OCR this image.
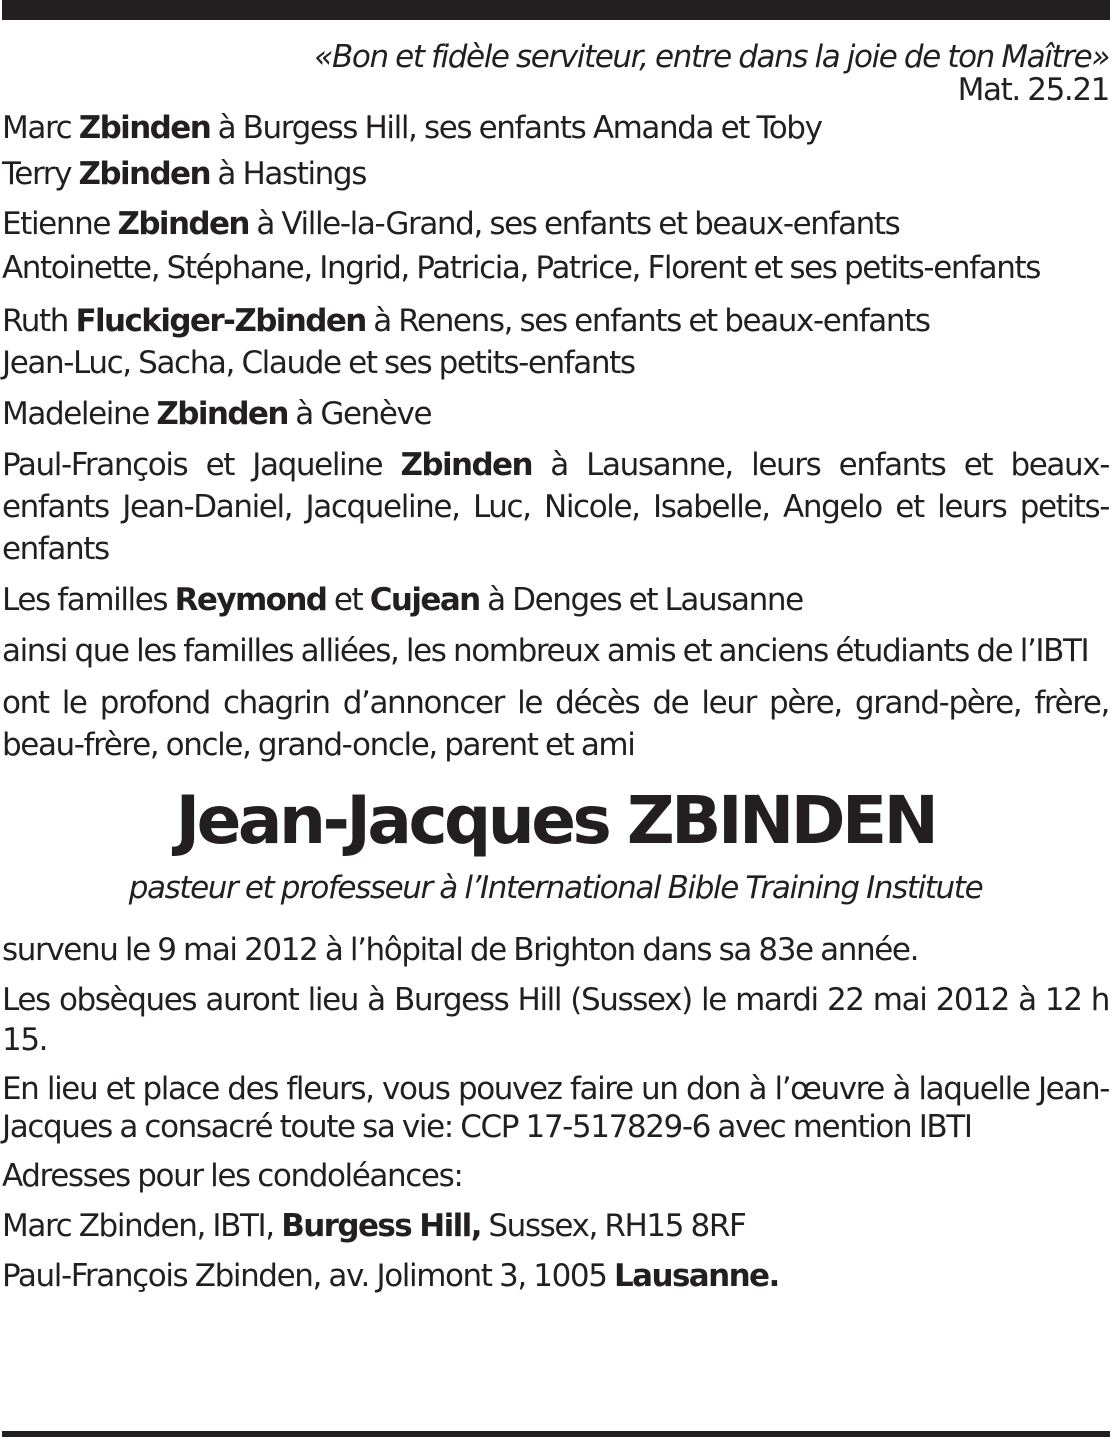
«Bon et fidèle serviteur, entre dans la joie de ton Maître»

Mat. 25.21

Marc Zbinden à Burgess Hill, ses enfants Amanda et Toby

Terry Zbinden à Hastings

Etienne Zbinden à Ville-la-Grand, ses enfants et beaux-enfants
Antoinette, Stéphane, Ingrid, Patricia, Patrice, Florent et ses petits-enfants

Ruth Fluckiger-Zbinden à Renens, ses enfants et beaux-enfants
Jean-Luc, Sacha, Claude et ses petits-enfants

Madeleine Zbinden à Genève

Paul-François et Jaqueline Zbinden à Lausanne, leurs enfants et beaux-enfants Jean-Daniel, Jacqueline, Luc, Nicole, Isabelle, Angelo et leurs petits-enfants

Les familles Reymond et Cujean à Denges et Lausanne

ainsi que les familles alliées, les nombreux amis et anciens étudiants de l’IBTI

ont le profond chagrin d’annoncer le décès de leur père, grand-père, frère, beau-frère, oncle, grand-oncle, parent et ami

Jean-Jacques ZBINDEN
pasteur et professeur à l’International Bible Training Institute

survenu le 9 mai 2012 à l’hôpital de Brighton dans sa 83e année.

Les obsèques auront lieu à Burgess Hill (Sussex) le mardi 22 mai 2012 à 12 h 15.

En lieu et place des fleurs, vous pouvez faire un don à l’œuvre à laquelle Jean-Jacques a consacré toute sa vie: CCP 17-517829-6 avec mention IBTI

Adresses pour les condoléances:

Marc Zbinden, IBTI, Burgess Hill, Sussex, RH15 8RF

Paul-François Zbinden, av. Jolimont 3, 1005 Lausanne.
